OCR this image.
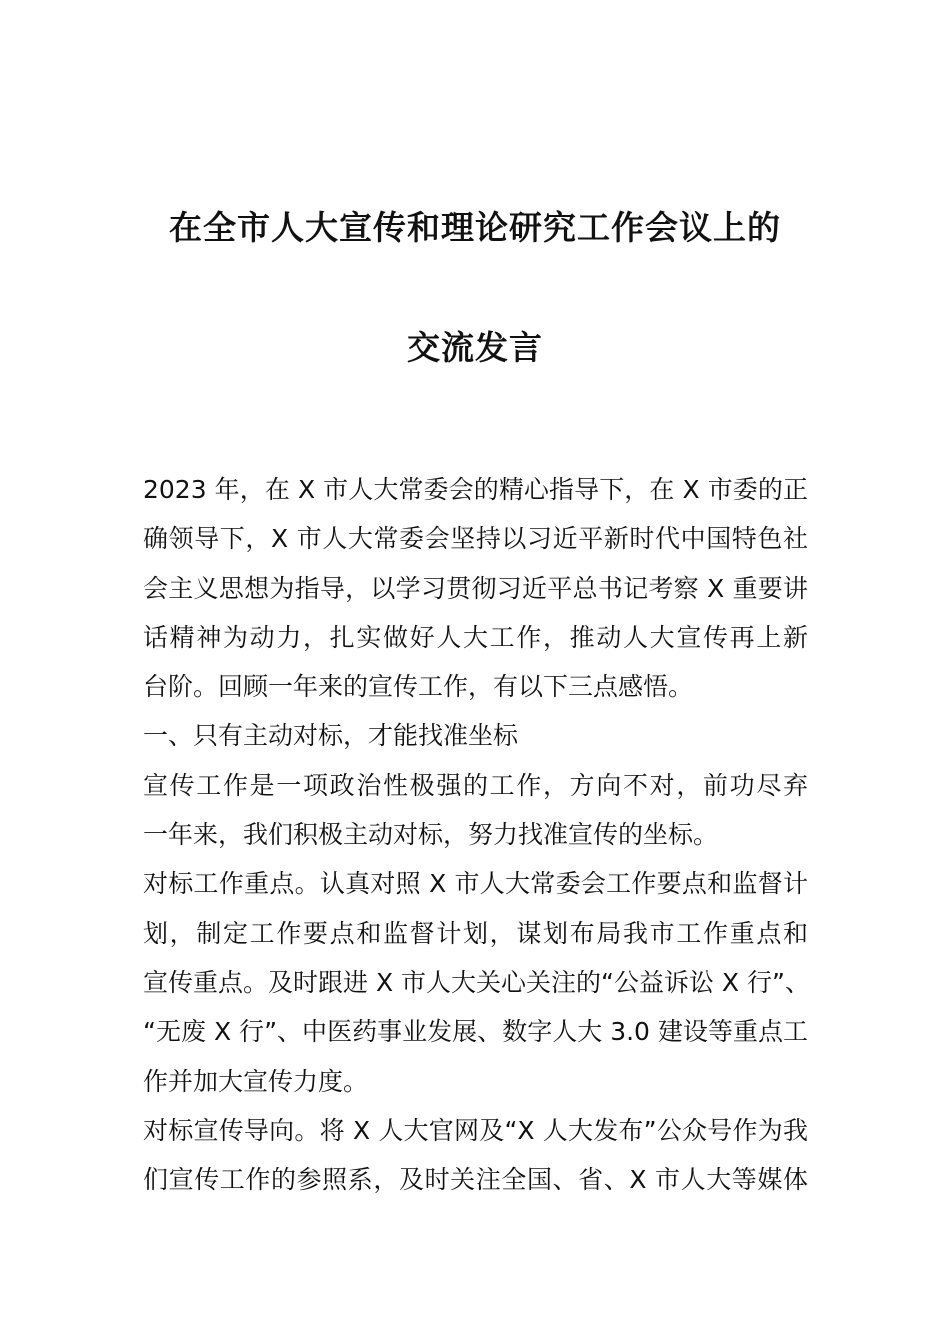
在全市人大宣传和理论研究工作会议上的
交流发言
2023 年，在 X 市人大常委会的精心指导下，在 X 市委的正
确领导下，X 市人大常委会坚持以习近平新时代中国特色社
会主义思想为指导，以学习贯彻习近平总书记考察 X 重要讲
话精神为动力，扎实做好人大工作，推动人大宣传再上新
台阶。回顾一年来的宣传工作，有以下三点感悟。
一、只有主动对标，才能找准坐标
宣传工作是一项政治性极强的工作，方向不对，前功尽弃
一年来，我们积极主动对标，努力找准宣传的坐标。
对标工作重点。认真对照 X 市人大常委会工作要点和监督计
划，制定工作要点和监督计划，谋划布局我市工作重点和
宣传重点。及时跟进 X 市人大关心关注的“公益诉讼 X 行”、
“无废 X 行”、中医药事业发展、数字人大 3.0 建设等重点工
作并加大宣传力度。
对标宣传导向。将 X 人大官网及“X 人大发布”公众号作为我
们宣传工作的参照系，及时关注全国、省、X 市人大等媒体
